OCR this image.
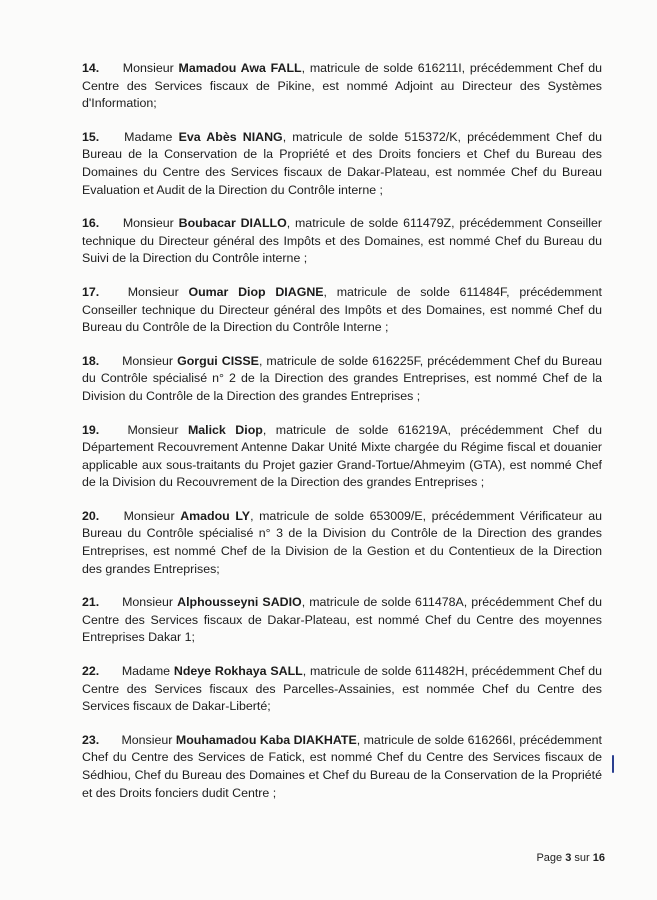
14. Monsieur Mamadou Awa FALL, matricule de solde 616211I, précédemment Chef du Centre des Services fiscaux de Pikine, est nommé Adjoint au Directeur des Systèmes d'Information;

15. Madame Eva Abès NIANG, matricule de solde 515372/K, précédemment Chef du Bureau de la Conservation de la Propriété et des Droits fonciers et Chef du Bureau des Domaines du Centre des Services fiscaux de Dakar-Plateau, est nommée Chef du Bureau Evaluation et Audit de la Direction du Contrôle interne ;

16. Monsieur Boubacar DIALLO, matricule de solde 611479Z, précédemment Conseiller technique du Directeur général des Impôts et des Domaines, est nommé Chef du Bureau du Suivi de la Direction du Contrôle interne ;

17. Monsieur Oumar Diop DIAGNE, matricule de solde 611484F, précédemment Conseiller technique du Directeur général des Impôts et des Domaines, est nommé Chef du Bureau du Contrôle de la Direction du Contrôle Interne ;

18. Monsieur Gorgui CISSE, matricule de solde 616225F, précédemment Chef du Bureau du Contrôle spécialisé n° 2 de la Direction des grandes Entreprises, est nommé Chef de la Division du Contrôle de la Direction des grandes Entreprises ;

19. Monsieur Malick Diop, matricule de solde 616219A, précédemment Chef du Département Recouvrement Antenne Dakar Unité Mixte chargée du Régime fiscal et douanier applicable aux sous-traitants du Projet gazier Grand-Tortue/Ahmeyim (GTA), est nommé Chef de la Division du Recouvrement de la Direction des grandes Entreprises ;

20. Monsieur Amadou LY, matricule de solde 653009/E, précédemment Vérificateur au Bureau du Contrôle spécialisé n° 3 de la Division du Contrôle de la Direction des grandes Entreprises, est nommé Chef de la Division de la Gestion et du Contentieux de la Direction des grandes Entreprises;

21. Monsieur Alphousseyni SADIO, matricule de solde 611478A, précédemment Chef du Centre des Services fiscaux de Dakar-Plateau, est nommé Chef du Centre des moyennes Entreprises Dakar 1;

22. Madame Ndeye Rokhaya SALL, matricule de solde 611482H, précédemment Chef du Centre des Services fiscaux des Parcelles-Assainies, est nommée Chef du Centre des Services fiscaux de Dakar-Liberté;

23. Monsieur Mouhamadou Kaba DIAKHATE, matricule de solde 616266I, précédemment Chef du Centre des Services de Fatick, est nommé Chef du Centre des Services fiscaux de Sédhiou, Chef du Bureau des Domaines et Chef du Bureau de la Conservation de la Propriété et des Droits fonciers dudit Centre ;

Page 3 sur 16
